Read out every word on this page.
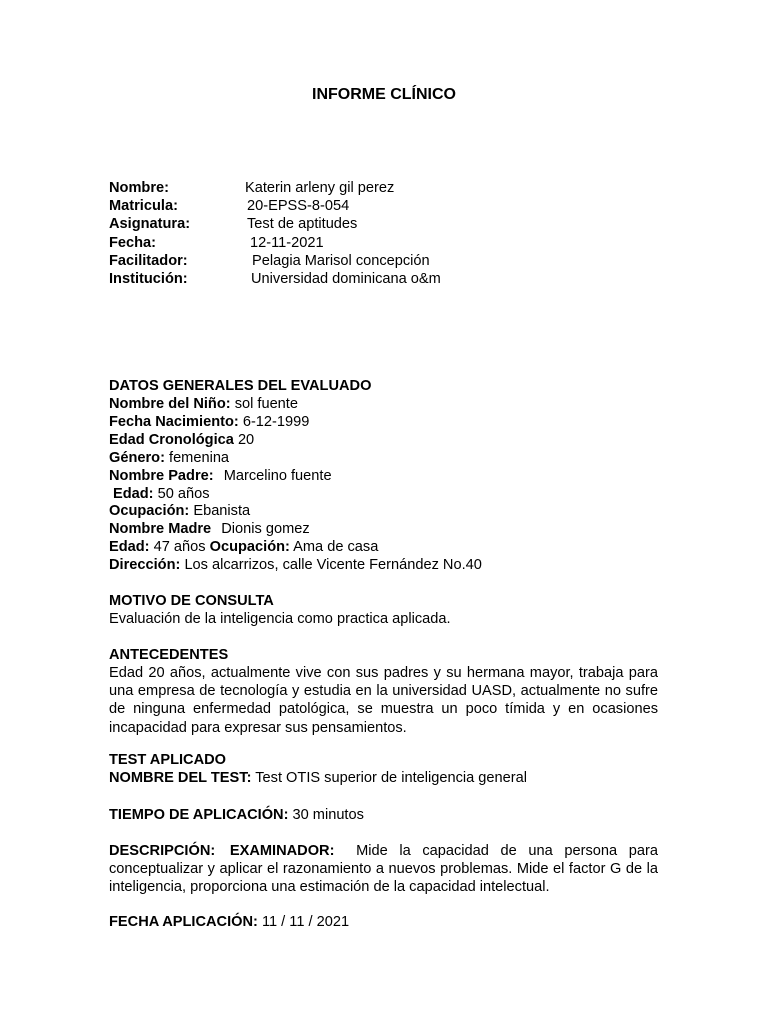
INFORME CLÍNICO
Nombre:	Katerin arleny gil perez
Matricula:	20-EPSS-8-054
Asignatura:	Test de aptitudes
Fecha:	12-11-2021
Facilitador:	Pelagia Marisol concepción
Institución:	Universidad dominicana o&m
DATOS GENERALES DEL EVALUADO
Nombre del Niño: sol fuente
Fecha Nacimiento: 6-12-1999
Edad Cronológica 20
Género: femenina
Nombre Padre: Marcelino fuente
Edad: 50 años
Ocupación: Ebanista
Nombre Madre Dionis gomez
Edad: 47 años Ocupación: Ama de casa
Dirección: Los alcarrizos, calle Vicente Fernández No.40
MOTIVO DE CONSULTA
Evaluación de la inteligencia como practica aplicada.
ANTECEDENTES
Edad 20 años, actualmente vive con sus padres y su hermana mayor, trabaja para una empresa de tecnología y estudia en la universidad UASD, actualmente no sufre de ninguna enfermedad patológica, se muestra un poco tímida y en ocasiones incapacidad para expresar sus pensamientos.
TEST APLICADO
NOMBRE DEL TEST: Test OTIS superior de inteligencia general
TIEMPO DE APLICACIÓN: 30 minutos
DESCRIPCIÓN: EXAMINADOR: Mide la capacidad de una persona para conceptualizar y aplicar el razonamiento a nuevos problemas. Mide el factor G de la inteligencia, proporciona una estimación de la capacidad intelectual.
FECHA APLICACIÓN: 11 / 11 / 2021
